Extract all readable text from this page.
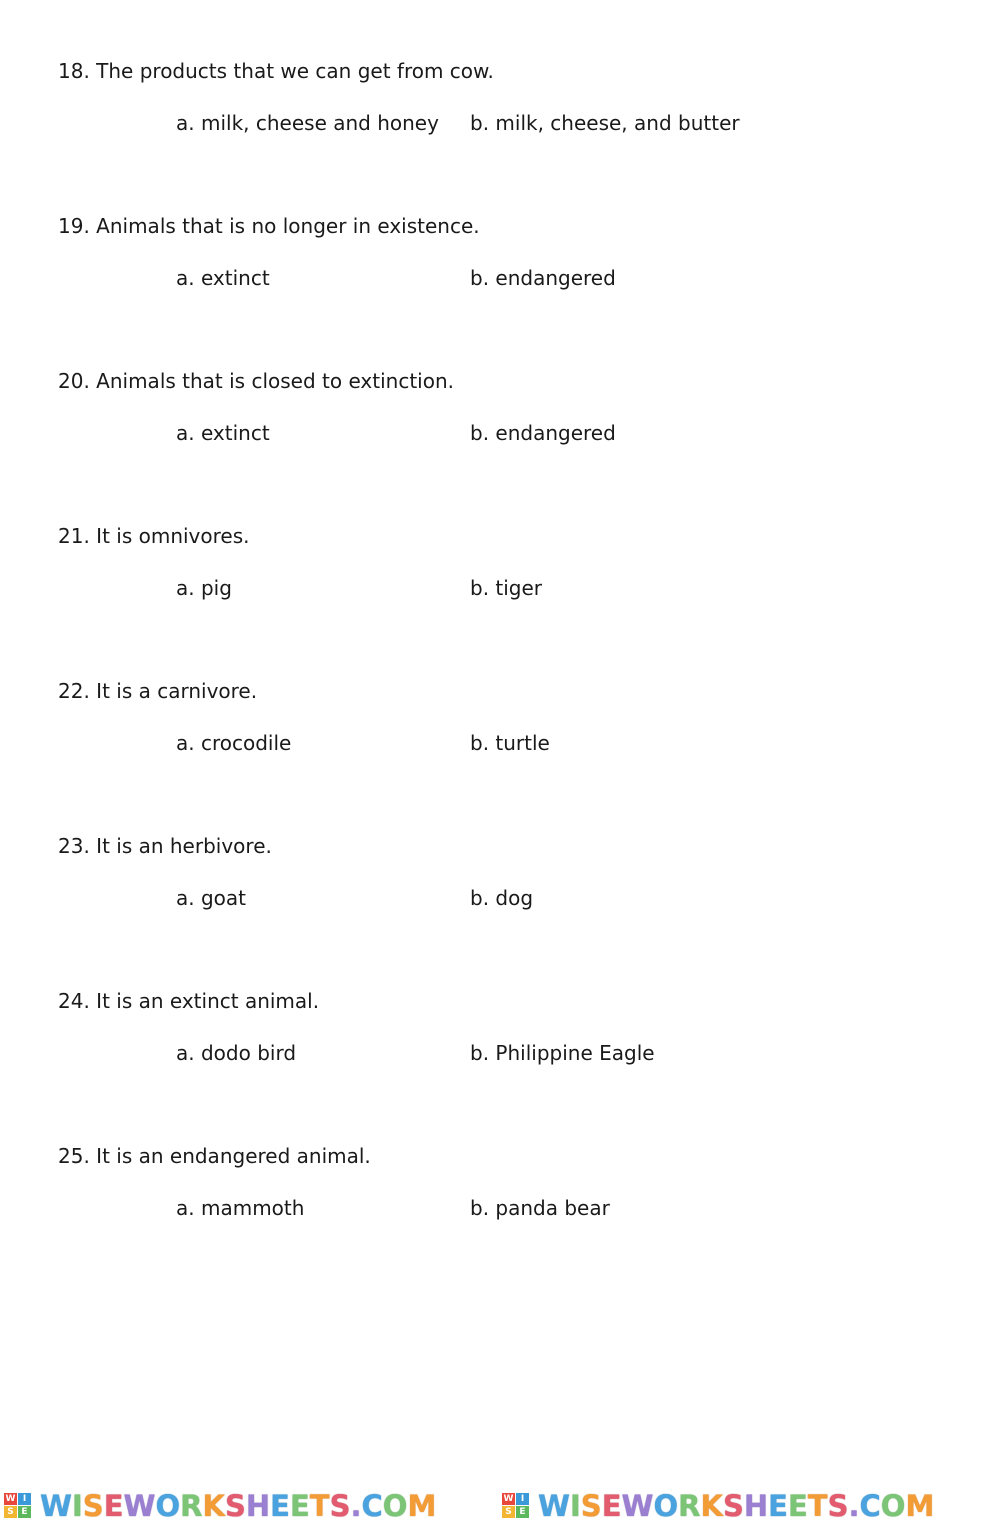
18. The products that we can get from cow.
a. milk, cheese and honey b. milk, cheese, and butter
19. Animals that is no longer in existence.
a. extinct	b. endangered
20. Animals that is closed to extinction.
a. extinct	b. endangered
21. It is omnivores.
a. pig	b. tiger
22. It is a carnivore.
a. crocodile	b. turtle
23. It is an herbivore.
a. goat	b. dog
24. It is an extinct animal.
a. dodo bird	b. Philippine Eagle
25. It is an endangered animal.
a. mammoth	b. panda bear
W I
S E WISEWORKSHEETS.COM	W I
S E WISEWORKSHEETS.COM
